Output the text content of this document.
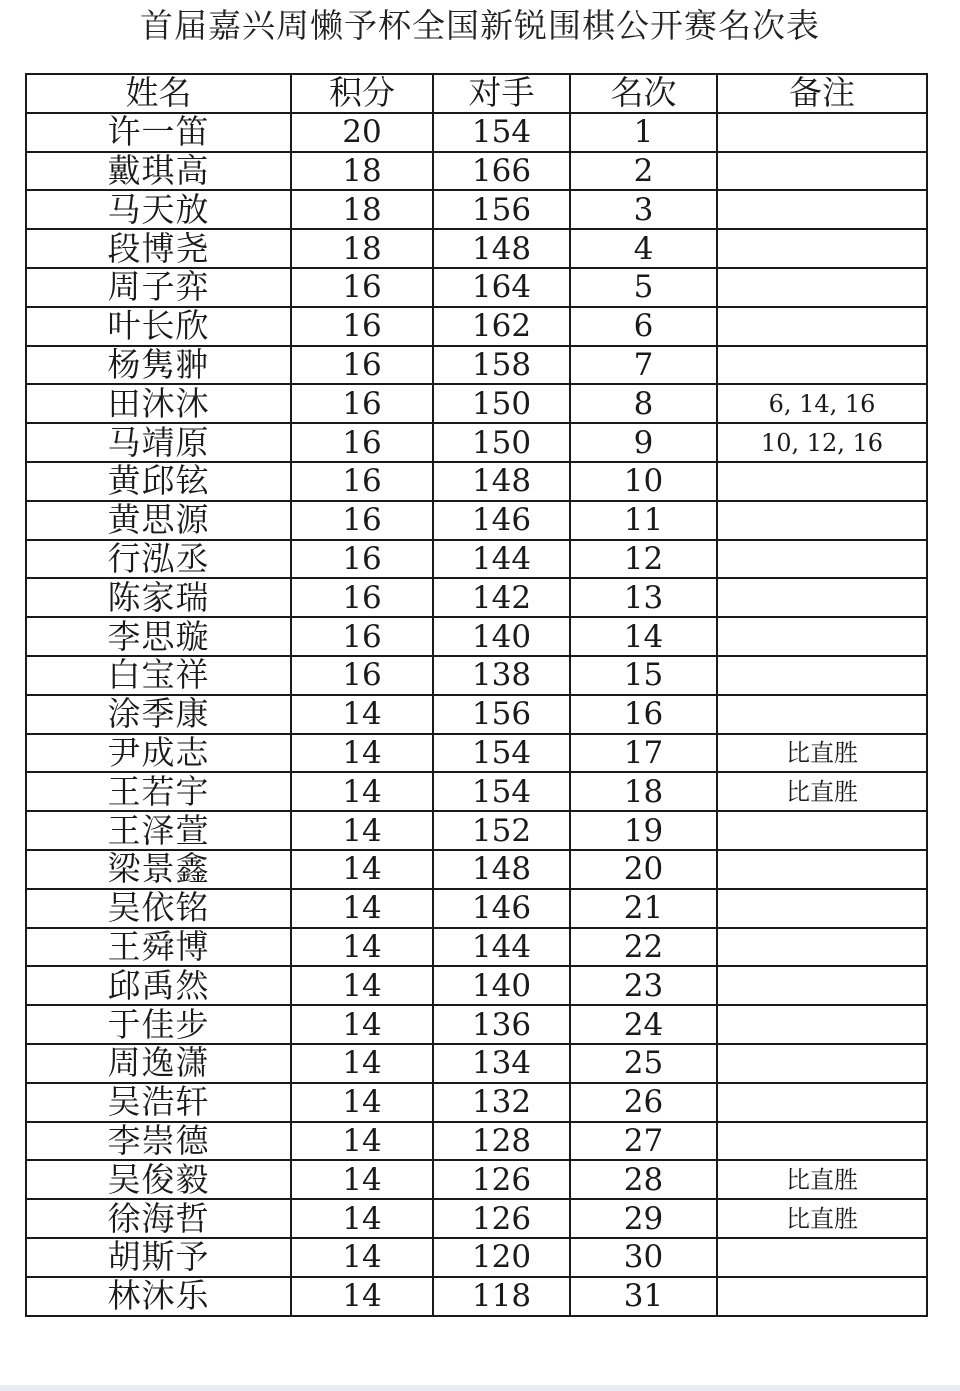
首届嘉兴周懒予杯全国新锐围棋公开赛名次表
姓名	积分	对手	名次	备注
许一笛	20	154	1	
戴琪高	18	166	2	
马天放	18	156	3	
段博尧	18	148	4	
周子弈	16	164	5	
叶长欣	16	162	6	
杨隽翀	16	158	7	
田沐沐	16	150	8	6, 14, 16
马靖原	16	150	9	10, 12, 16
黄邱铉	16	148	10	
黄思源	16	146	11	
行泓丞	16	144	12	
陈家瑞	16	142	13	
李思璇	16	140	14	
白宝祥	16	138	15	
涂季康	14	156	16	
尹成志	14	154	17	比直胜
王若宇	14	154	18	比直胜
王泽萱	14	152	19	
梁景鑫	14	148	20	
吴依铭	14	146	21	
王舜博	14	144	22	
邱禹然	14	140	23	
于佳步	14	136	24	
周逸潇	14	134	25	
吴浩轩	14	132	26	
李崇德	14	128	27	
吴俊毅	14	126	28	比直胜
徐海哲	14	126	29	比直胜
胡斯予	14	120	30	
林沐乐	14	118	31	
